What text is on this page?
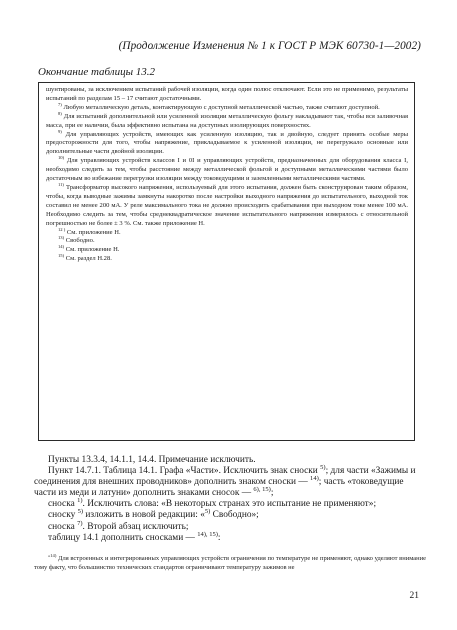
(Продолжение Изменения № 1 к ГОСТ Р МЭК 60730-1—2002)
Окончание таблицы 13.2

шунтированы, за исключением испытаний рабочей изоляции, когда один полюс отключают. Если это не применимо, результаты испытаний по разделам 15 – 17 считают достаточными.

$^{7)}$ Любую металлическую деталь, контактирующую с доступной металлической частью, также считают доступной.

$^{8)}$ Для испытаний дополнительной или усиленной изоляции металлическую фольгу накладывают так, чтобы вся заливочная масса, при ее наличии, была эффективно испытана на доступных изолирующих поверхностях.

$^{9)}$ Для управляющих устройств, имеющих как усиленную изоляцию, так и двойную, следует принять особые меры предосторожности для того, чтобы напряжение, прикладываемое к усиленной изоляции, не перегружало основные или дополнительные части двойной изоляции.

$^{10)}$ Для управляющих устройств классов I и 0I и управляющих устройств, предназначенных для оборудования класса I, необходимо следить за тем, чтобы расстояние между металлической фольгой и доступными металлическими частями было достаточным во избежание перегрузки изоляции между токоведущими и заземленными металлическими частями.

$^{11)}$ Трансформатор высокого напряжения, используемый для этого испытания, должен быть сконструирован таким образом, чтобы, когда выводные зажимы замкнуты накоротко после настройки выходного напряжения до испытательного, выходной ток составил не менее 200 мА. У реле максимального тока не должно происходить срабатывания при выходном токе менее 100 мА. Необходимо следить за тем, чтобы среднеквадратическое значение испытательного напряжения измерялось с относительной погрешностью не более ± 3 %. См. также приложение Н.

$^{12 )}$ См. приложение Н.

$^{13)}$ Свободно.

$^{14)}$ См. приложение Н.

$^{15)}$ См. раздел Н.28.

Пункты 13.3.4, 14.1.1, 14.4. Примечание исключить.

Пункт 14.7.1. Таблица 14.1. Графа «Части». Исключить знак сноски $^{5)}$; для части «Зажимы и соединения для внешних проводников» дополнить знаком сноски — $^{14)}$; часть «токоведущие части из меди и латуни» дополнить знаками сносок — $^{6), 15)}$;

сноска $^{1)}$. Исключить слова: «В некоторых странах это испытание не применяют»;

сноску $^{5)}$ изложить в новой редакции: «$^{5)}$ Свободно»;

сноска $^{7)}$. Второй абзац исключить;

таблицу 14.1 дополнить сносками — $^{14), 15)}$:

$^{«14)}$ Для встроенных и интегрированных управляющих устройств ограничения по температуре не применяют, однако уделяют внимание тому факту, что большинство технических стандартов ограничивают температуру зажимов не

21
